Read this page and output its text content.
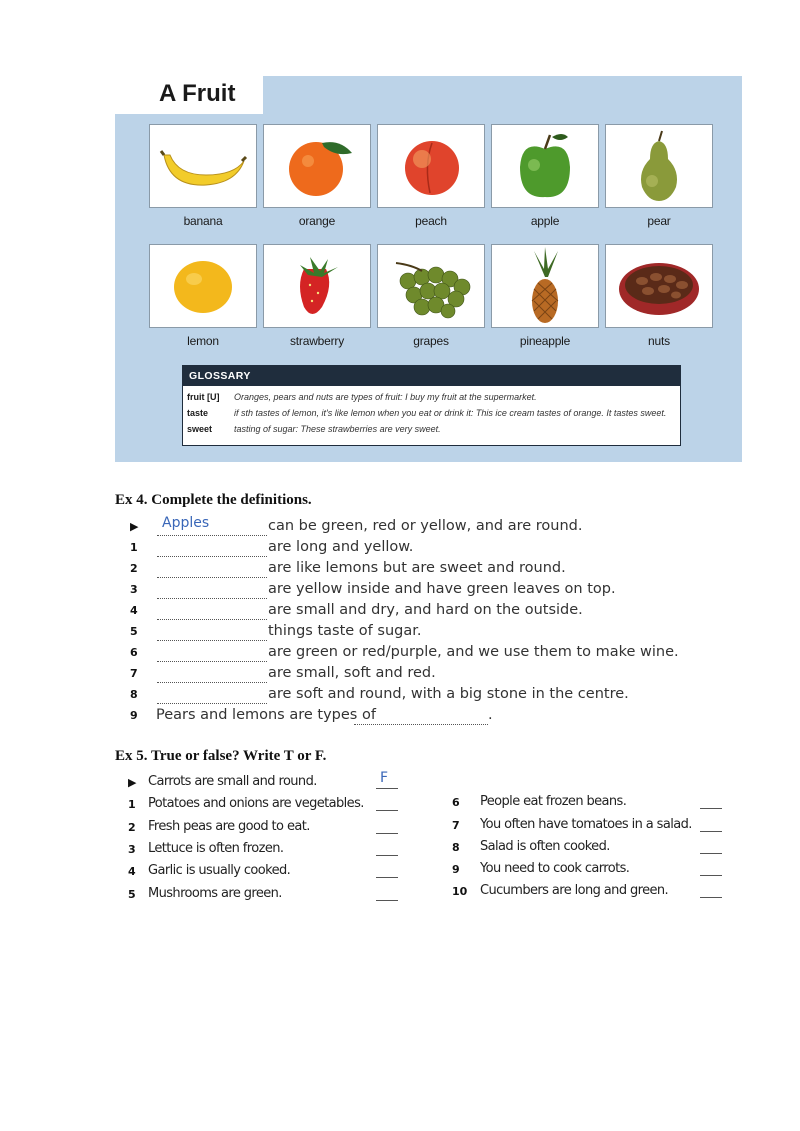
A Fruit
banana	orange	peach	apple	pear
lemon	strawberry	grapes	pineapple	nuts
GLOSSARY
fruit [U]	Oranges, pears and nuts are types of fruit: I buy my fruit at the supermarket.
taste	if sth tastes of lemon, it's like lemon when you eat or drink it: This ice cream tastes of orange. It tastes sweet.
sweet	tasting of sugar: These strawberries are very sweet.
Ex 4. Complete the definitions.
▶	Apples	can be green, red or yellow, and are round.
1	are long and yellow.
2	are like lemons but are sweet and round.
3	are yellow inside and have green leaves on top.
4	are small and dry, and hard on the outside.
5	things taste of sugar.
6	are green or red/purple, and we use them to make wine.
7	are small, soft and red.
8	are soft and round, with a big stone in the centre.
9	Pears and lemons are types of	.
Ex 5. True or false? Write T or F.
▶ Carrots are small and round.	F
1 Potatoes and onions are vegetables.
2 Fresh peas are good to eat.
3 Lettuce is often frozen.
4 Garlic is usually cooked.
5 Mushrooms are green.
6 People eat frozen beans.
7 You often have tomatoes in a salad.
8 Salad is often cooked.
9 You need to cook carrots.
10 Cucumbers are long and green.
